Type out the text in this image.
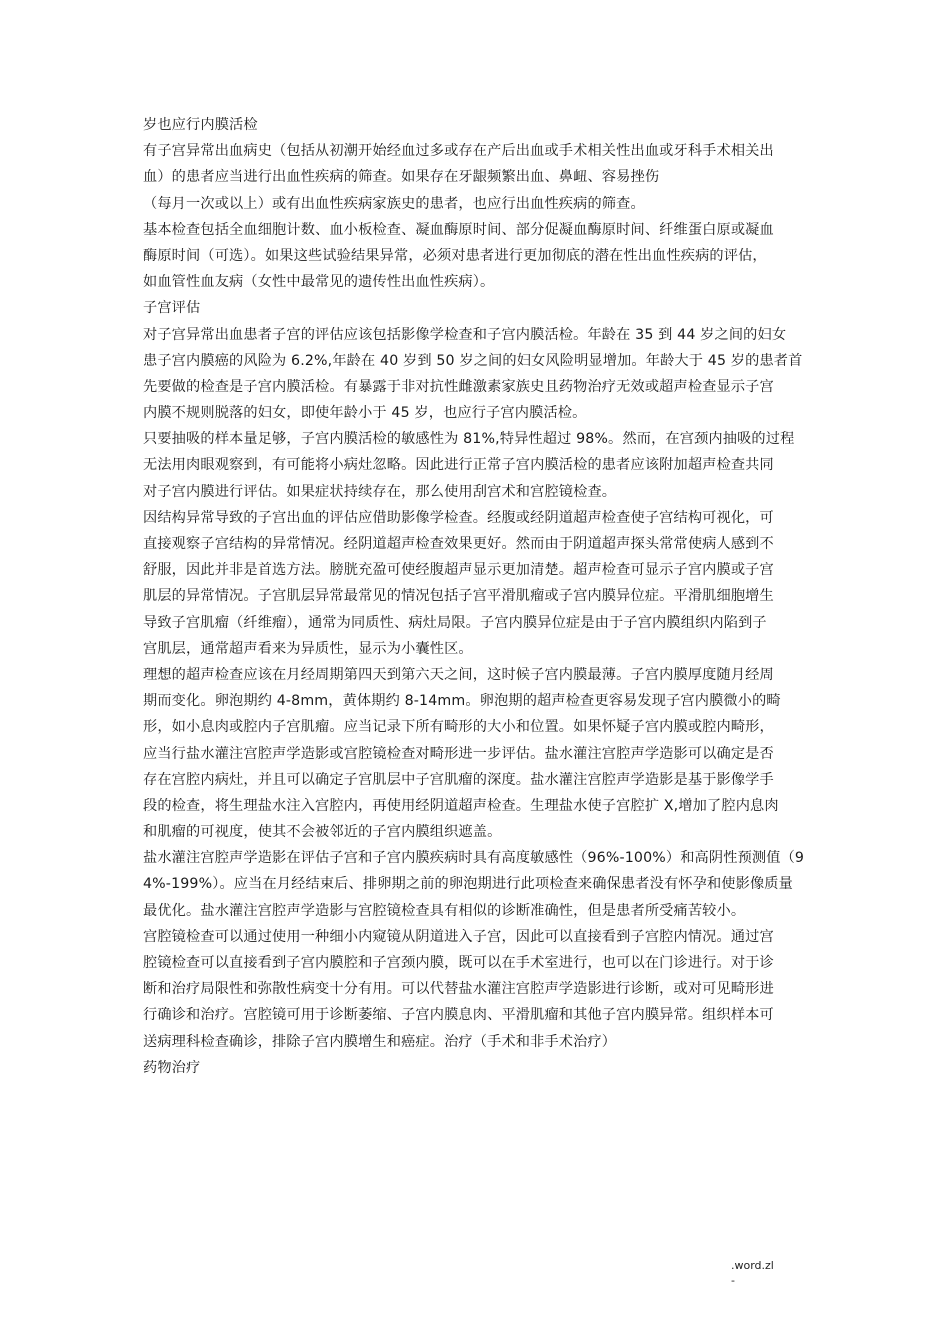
岁也应行内膜活检
有子宫异常出血病史（包括从初潮开始经血过多或存在产后出血或手术相关性出血或牙科手术相关出
血）的患者应当进行出血性疾病的筛查。如果存在牙龈频繁出血、鼻衄、容易挫伤
（每月一次或以上）或有出血性疾病家族史的患者，也应行出血性疾病的筛查。
基本检查包括全血细胞计数、血小板检查、凝血酶原时间、部分促凝血酶原时间、纤维蛋白原或凝血
酶原时间（可选）。如果这些试验结果异常，必须对患者进行更加彻底的潜在性出血性疾病的评估，
如血管性血友病（女性中最常见的遗传性出血性疾病）。
子宫评估
对子宫异常出血患者子宫的评估应该包括影像学检查和子宫内膜活检。年龄在 35 到 44 岁之间的妇女
患子宫内膜癌的风险为 6.2%,年龄在 40 岁到 50 岁之间的妇女风险明显增加。年龄大于 45 岁的患者首
先要做的检查是子宫内膜活检。有暴露于非对抗性雌激素家族史且药物治疗无效或超声检查显示子宫
内膜不规则脱落的妇女，即使年龄小于 45 岁，也应行子宫内膜活检。
只要抽吸的样本量足够，子宫内膜活检的敏感性为 81%,特异性超过 98%。然而，在宫颈内抽吸的过程
无法用肉眼观察到，有可能将小病灶忽略。因此进行正常子宫内膜活检的患者应该附加超声检查共同
对子宫内膜进行评估。如果症状持续存在，那么使用刮宫术和宫腔镜检查。
因结构异常导致的子宫出血的评估应借助影像学检查。经腹或经阴道超声检查使子宫结构可视化，可
直接观察子宫结构的异常情况。经阴道超声检查效果更好。然而由于阴道超声探头常常使病人感到不
舒服，因此并非是首选方法。膀胱充盈可使经腹超声显示更加清楚。超声检查可显示子宫内膜或子宫
肌层的异常情况。子宫肌层异常最常见的情况包括子宫平滑肌瘤或子宫内膜异位症。平滑肌细胞增生
导致子宫肌瘤（纤维瘤），通常为同质性、病灶局限。子宫内膜异位症是由于子宫内膜组织内陷到子
宫肌层，通常超声看来为异质性，显示为小囊性区。
理想的超声检查应该在月经周期第四天到第六天之间，这时候子宫内膜最薄。子宫内膜厚度随月经周
期而变化。卵泡期约 4-8mm，黄体期约 8-14mm。卵泡期的超声检查更容易发现子宫内膜微小的畸
形，如小息肉或腔内子宫肌瘤。应当记录下所有畸形的大小和位置。如果怀疑子宫内膜或腔内畸形，
应当行盐水灌注宫腔声学造影或宫腔镜检查对畸形进一步评估。盐水灌注宫腔声学造影可以确定是否
存在宫腔内病灶，并且可以确定子宫肌层中子宫肌瘤的深度。盐水灌注宫腔声学造影是基于影像学手
段的检查，将生理盐水注入宫腔内，再使用经阴道超声检查。生理盐水使子宫腔扩 X,增加了腔内息肉
和肌瘤的可视度，使其不会被邻近的子宫内膜组织遮盖。
盐水灌注宫腔声学造影在评估子宫和子宫内膜疾病时具有高度敏感性（96%-100%）和高阴性预测值（9
4%-199%）。应当在月经结束后、排卵期之前的卵泡期进行此项检查来确保患者没有怀孕和使影像质量
最优化。盐水灌注宫腔声学造影与宫腔镜检查具有相似的诊断准确性，但是患者所受痛苦较小。
宫腔镜检查可以通过使用一种细小内窥镜从阴道进入子宫，因此可以直接看到子宫腔内情况。通过宫
腔镜检查可以直接看到子宫内膜腔和子宫颈内膜，既可以在手术室进行，也可以在门诊进行。对于诊
断和治疗局限性和弥散性病变十分有用。可以代替盐水灌注宫腔声学造影进行诊断，或对可见畸形进
行确诊和治疗。宫腔镜可用于诊断萎缩、子宫内膜息肉、平滑肌瘤和其他子宫内膜异常。组织样本可
送病理科检查确诊，排除子宫内膜增生和癌症。治疗（手术和非手术治疗）
药物治疗
.word.zl
-
